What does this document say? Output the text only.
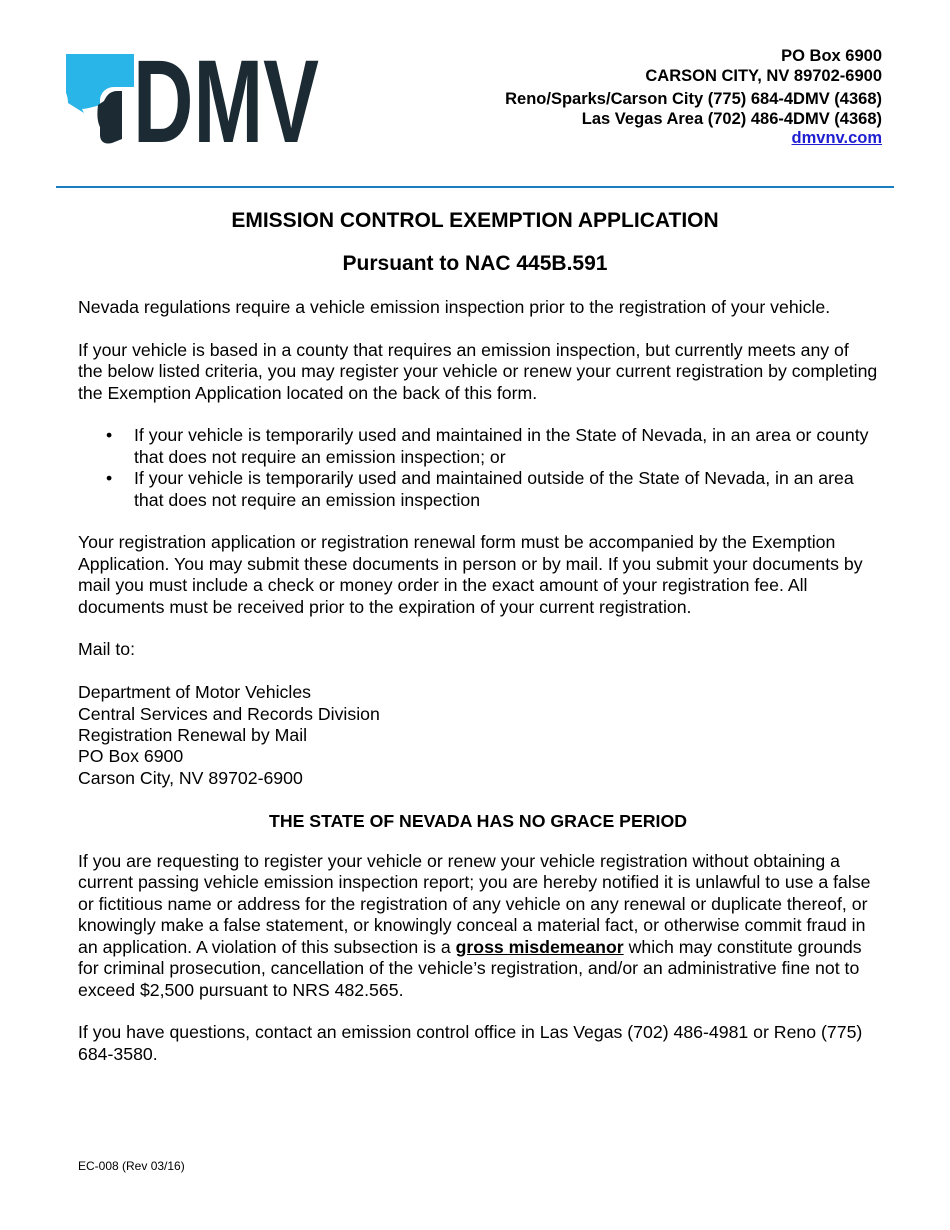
DMV	PO Box 6900
CARSON CITY, NV 89702-6900
Reno/Sparks/Carson City (775) 684-4DMV (4368)
Las Vegas Area (702) 486-4DMV (4368)
dmvnv.com
EMISSION CONTROL EXEMPTION APPLICATION
Pursuant to NAC 445B.591

Nevada regulations require a vehicle emission inspection prior to the registration of your vehicle.

If your vehicle is based in a county that requires an emission inspection, but currently meets any of the below listed criteria, you may register your vehicle or renew your current registration by completing the Exemption Application located on the back of this form.

• If your vehicle is temporarily used and maintained in the State of Nevada, in an area or county that does not require an emission inspection; or
• If your vehicle is temporarily used and maintained outside of the State of Nevada, in an area that does not require an emission inspection

Your registration application or registration renewal form must be accompanied by the Exemption Application. You may submit these documents in person or by mail. If you submit your documents by mail you must include a check or money order in the exact amount of your registration fee. All documents must be received prior to the expiration of your current registration.

Mail to:

Department of Motor Vehicles
Central Services and Records Division
Registration Renewal by Mail
PO Box 6900
Carson City, NV 89702-6900

THE STATE OF NEVADA HAS NO GRACE PERIOD

If you are requesting to register your vehicle or renew your vehicle registration without obtaining a current passing vehicle emission inspection report; you are hereby notified it is unlawful to use a false or fictitious name or address for the registration of any vehicle on any renewal or duplicate thereof, or knowingly make a false statement, or knowingly conceal a material fact, or otherwise commit fraud in an application. A violation of this subsection is a gross misdemeanor which may constitute grounds for criminal prosecution, cancellation of the vehicle’s registration, and/or an administrative fine not to exceed $2,500 pursuant to NRS 482.565.

If you have questions, contact an emission control office in Las Vegas (702) 486-4981 or Reno (775) 684-3580.

EC-008 (Rev 03/16)
